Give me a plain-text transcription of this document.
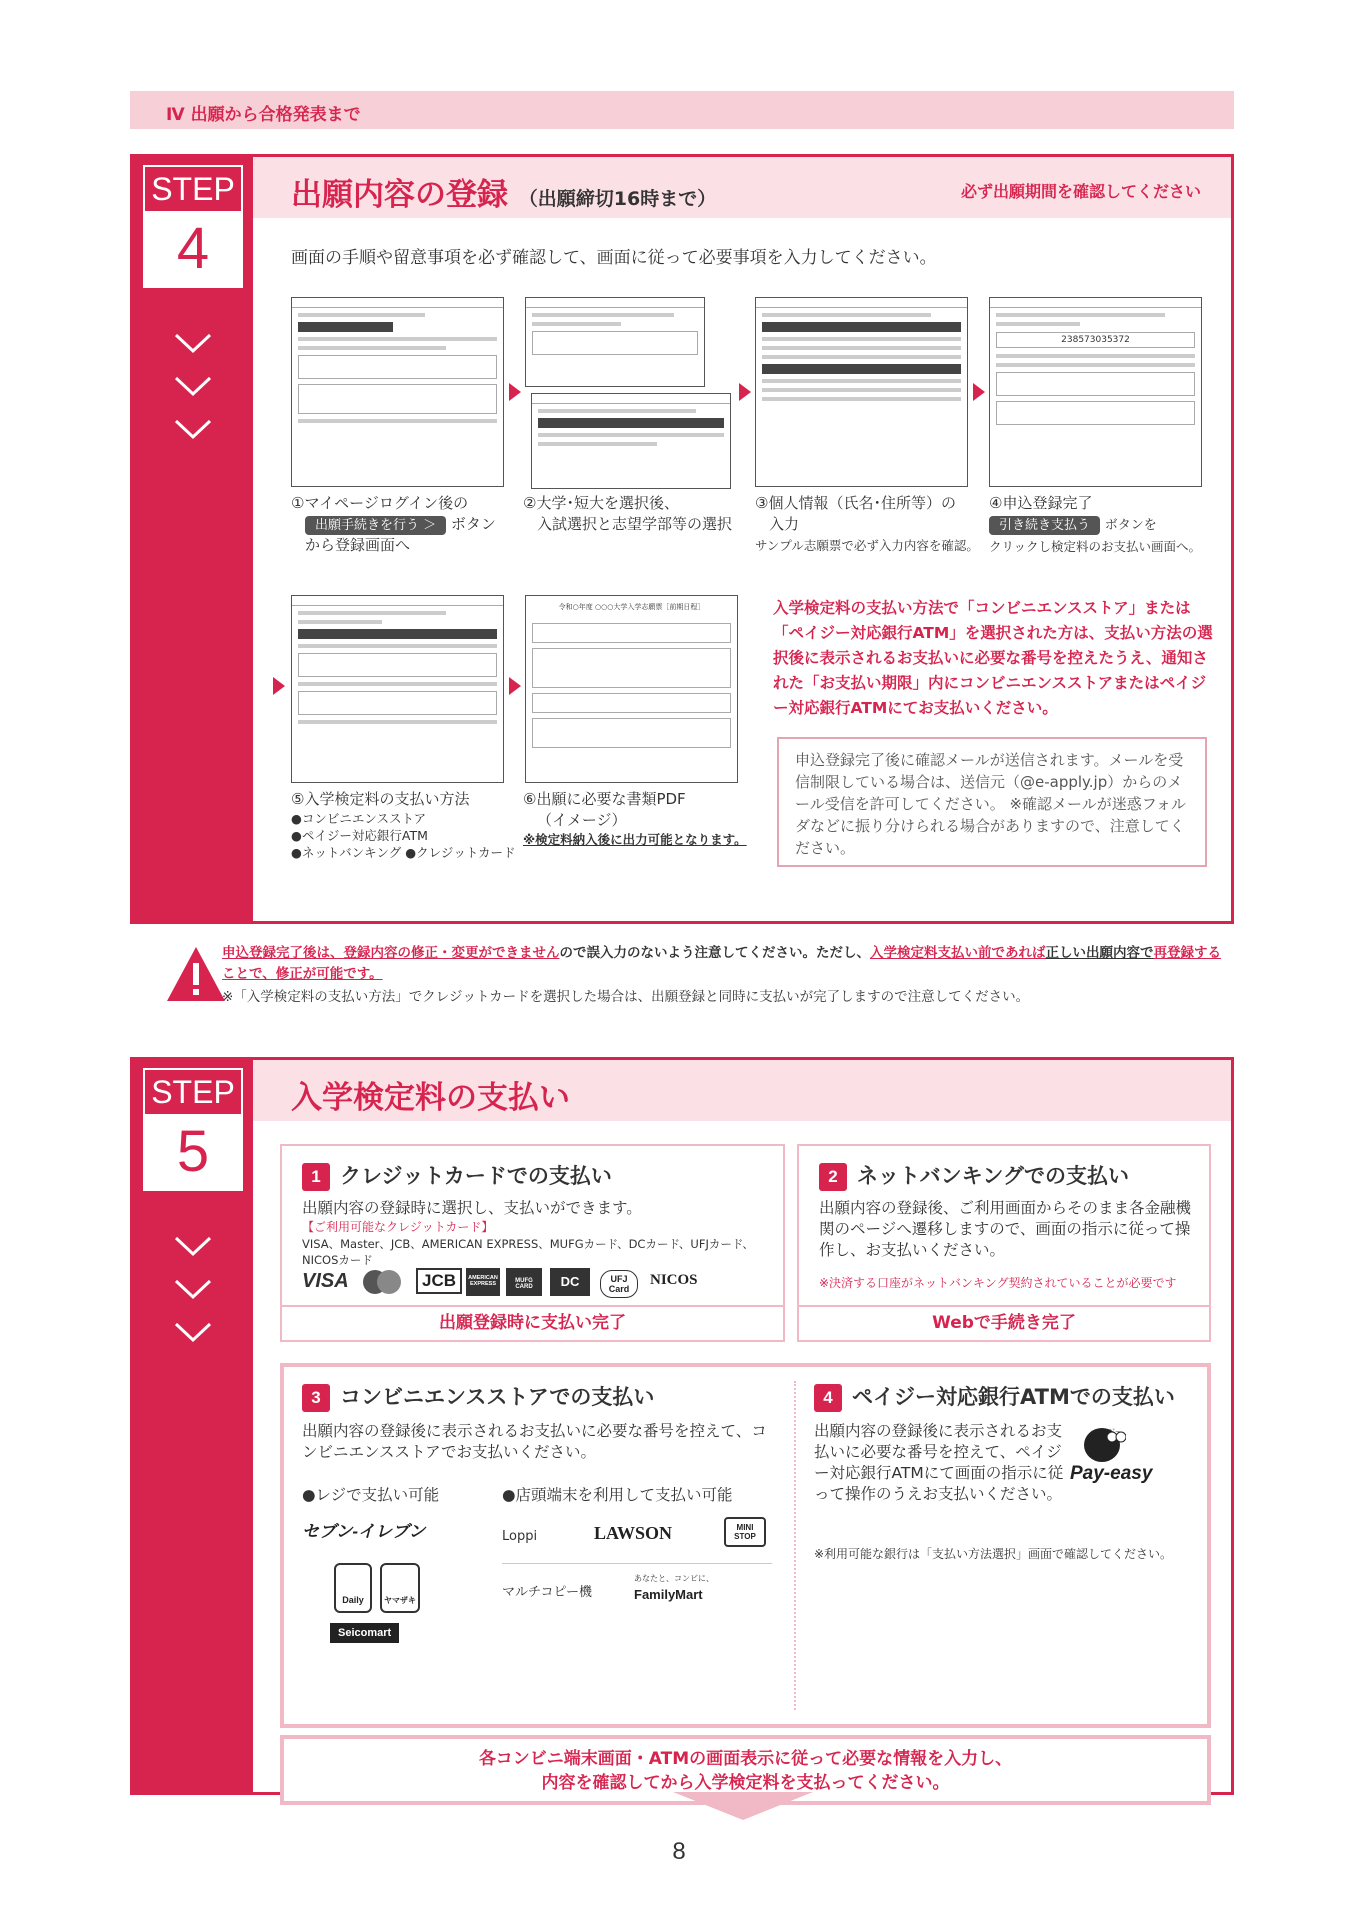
Ⅳ 出願から合格発表まで
STEP
4
出願内容の登録 （出願締切16時まで）	必ず出願期間を確認してください
画面の手順や留意事項を必ず確認して、画面に従って必要事項を入力してください。
238573035372
①マイページログイン後の
出願手続きを行う ＞ ボタン
から登録画面へ
②大学･短大を選択後、
入試選択と志望学部等の選択
③個人情報（氏名･住所等）の
入力
サンプル志願票で必ず入力内容を確認。
④申込登録完了
引き続き支払う ボタンを
クリックし検定料のお支払い画面へ。
令和○年度 ○○○大学入学志願票［前期日程］
⑤入学検定料の支払い方法
●コンビニエンスストア
●ペイジー対応銀行ATM
●ネットバンキング ●クレジットカード
⑥出願に必要な書類PDF
（イメージ）
※検定料納入後に出力可能となります。
入学検定料の支払い方法で「コンビニエンスストア」または「ペイジー対応銀行ATM」を選択された方は、支払い方法の選択後に表示されるお支払いに必要な番号を控えたうえ、通知された「お支払い期限」内にコンビニエンスストアまたはペイジー対応銀行ATMにてお支払いください。
申込登録完了後に確認メールが送信されます。メールを受信制限している場合は、送信元（@e-apply.jp）からのメール受信を許可してください。 ※確認メールが迷惑フォルダなどに振り分けられる場合がありますので、注意してください。
申込登録完了後は、登録内容の修正・変更ができませんので誤入力のないよう注意してください。ただし、入学検定料支払い前であれば正しい出願内容で再登録することで、修正が可能です。
※「入学検定料の支払い方法」でクレジットカードを選択した場合は、出願登録と同時に支払いが完了しますので注意してください。
STEP
5
入学検定料の支払い
1 クレジットカードでの支払い
出願内容の登録時に選択し、支払いができます。
【ご利用可能なクレジットカード】
VISA、Master、JCB、AMERICAN EXPRESS、MUFGカード、DCカード、UFJカード、NICOSカード
VISA	JCB	AMERICAN EXPRESS	MUFG CARD	DC	UFJ Card
NICOS
出願登録時に支払い完了
2 ネットバンキングでの支払い
出願内容の登録後、ご利用画面からそのまま各金融機関のページへ遷移しますので、画面の指示に従って操作し、お支払いください。
※決済する口座がネットバンキング契約されていることが必要です
Webで手続き完了
3 コンビニエンスストアでの支払い
出願内容の登録後に表示されるお支払いに必要な番号を控えて、コンビニエンスストアでお支払いください。
●レジで支払い可能	●店頭端末を利用して支払い可能
セブン-イレブン
Daily	ヤマザキ
Seicomart
Loppi	LAWSON	MINI STOP
マルチコピー機
あなたと、コンビに、
FamilyMart
4 ペイジー対応銀行ATMでの支払い
出願内容の登録後に表示されるお支払いに必要な番号を控えて、ペイジー対応銀行ATMにて画面の指示に従って操作のうえお支払いください。
Pay-easy
※利用可能な銀行は「支払い方法選択」画面で確認してください。
各コンビニ端末画面・ATMの画面表示に従って必要な情報を入力し、
内容を確認してから入学検定料を支払ってください。
8
